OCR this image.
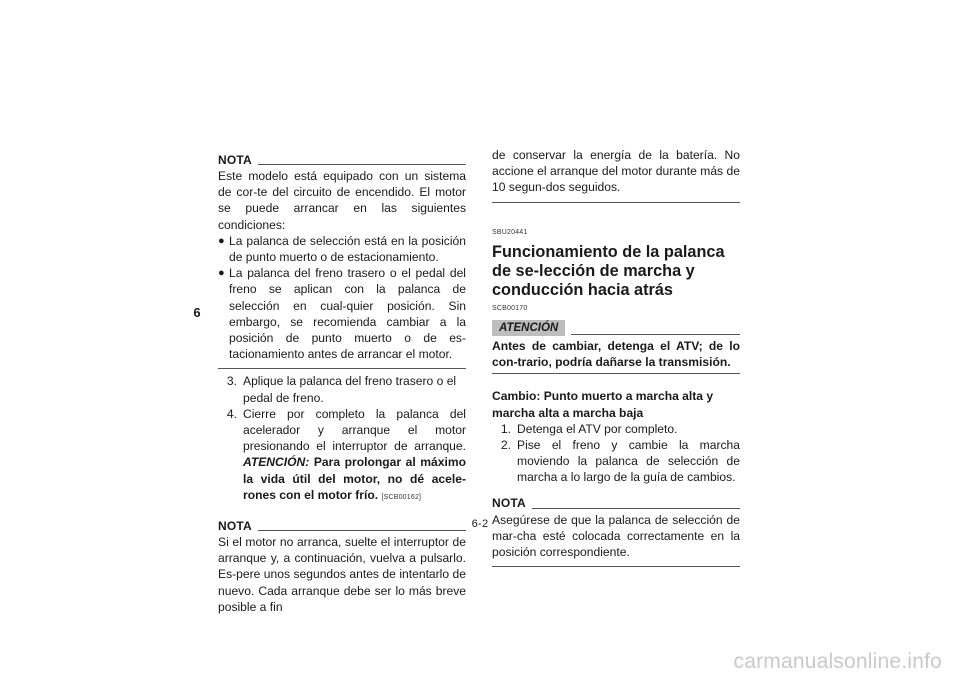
6
NOTA
Este modelo está equipado con un sistema de cor-te del circuito de encendido. El motor se puede arrancar en las siguientes condiciones:
● La palanca de selección está en la posición de punto muerto o de estacionamiento.
● La palanca del freno trasero o el pedal del freno se aplican con la palanca de selección en cual-quier posición. Sin embargo, se recomienda cambiar a la posición de punto muerto o de es-tacionamiento antes de arrancar el motor.
3. Aplique la palanca del freno trasero o el pedal de freno.
4. Cierre por completo la palanca del acelerador y arranque el motor presionando el interruptor de arranque. ATENCIÓN: Para prolongar al máximo la vida útil del motor, no dé acele-rones con el motor frío. [SCB00162]
NOTA
Si el motor no arranca, suelte el interruptor de arranque y, a continuación, vuelva a pulsarlo. Es-pere unos segundos antes de intentarlo de nuevo. Cada arranque debe ser lo más breve posible a fin
de conservar la energía de la batería. No accione el arranque del motor durante más de 10 segun-dos seguidos.
SBU20441
Funcionamiento de la palanca de se-lección de marcha y conducción hacia atrás
SCB00170
ATENCIÓN
Antes de cambiar, detenga el ATV; de lo con-trario, podría dañarse la transmisión.
Cambio: Punto muerto a marcha alta y marcha alta a marcha baja
1. Detenga el ATV por completo.
2. Pise el freno y cambie la marcha moviendo la palanca de selección de marcha a lo largo de la guía de cambios.
NOTA
Asegúrese de que la palanca de selección de mar-cha esté colocada correctamente en la posición correspondiente.
6-2
carmanualsonline.info
